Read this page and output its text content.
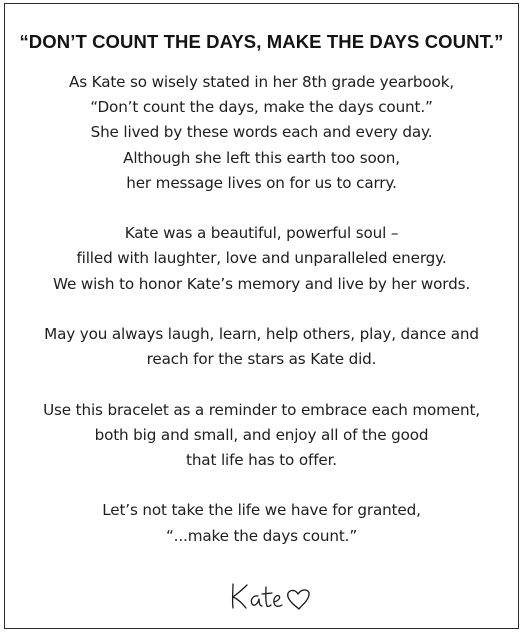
“DON’T COUNT THE DAYS, MAKE THE DAYS COUNT.”
As Kate so wisely stated in her 8th grade yearbook,
“Don’t count the days, make the days count.”
She lived by these words each and every day.
Although she left this earth too soon,
her message lives on for us to carry.
Kate was a beautiful, powerful soul –
filled with laughter, love and unparalleled energy.
We wish to honor Kate’s memory and live by her words.
May you always laugh, learn, help others, play, dance and
reach for the stars as Kate did.
Use this bracelet as a reminder to embrace each moment,
both big and small, and enjoy all of the good
that life has to offer.
Let’s not take the life we have for granted,
“...make the days count.”
